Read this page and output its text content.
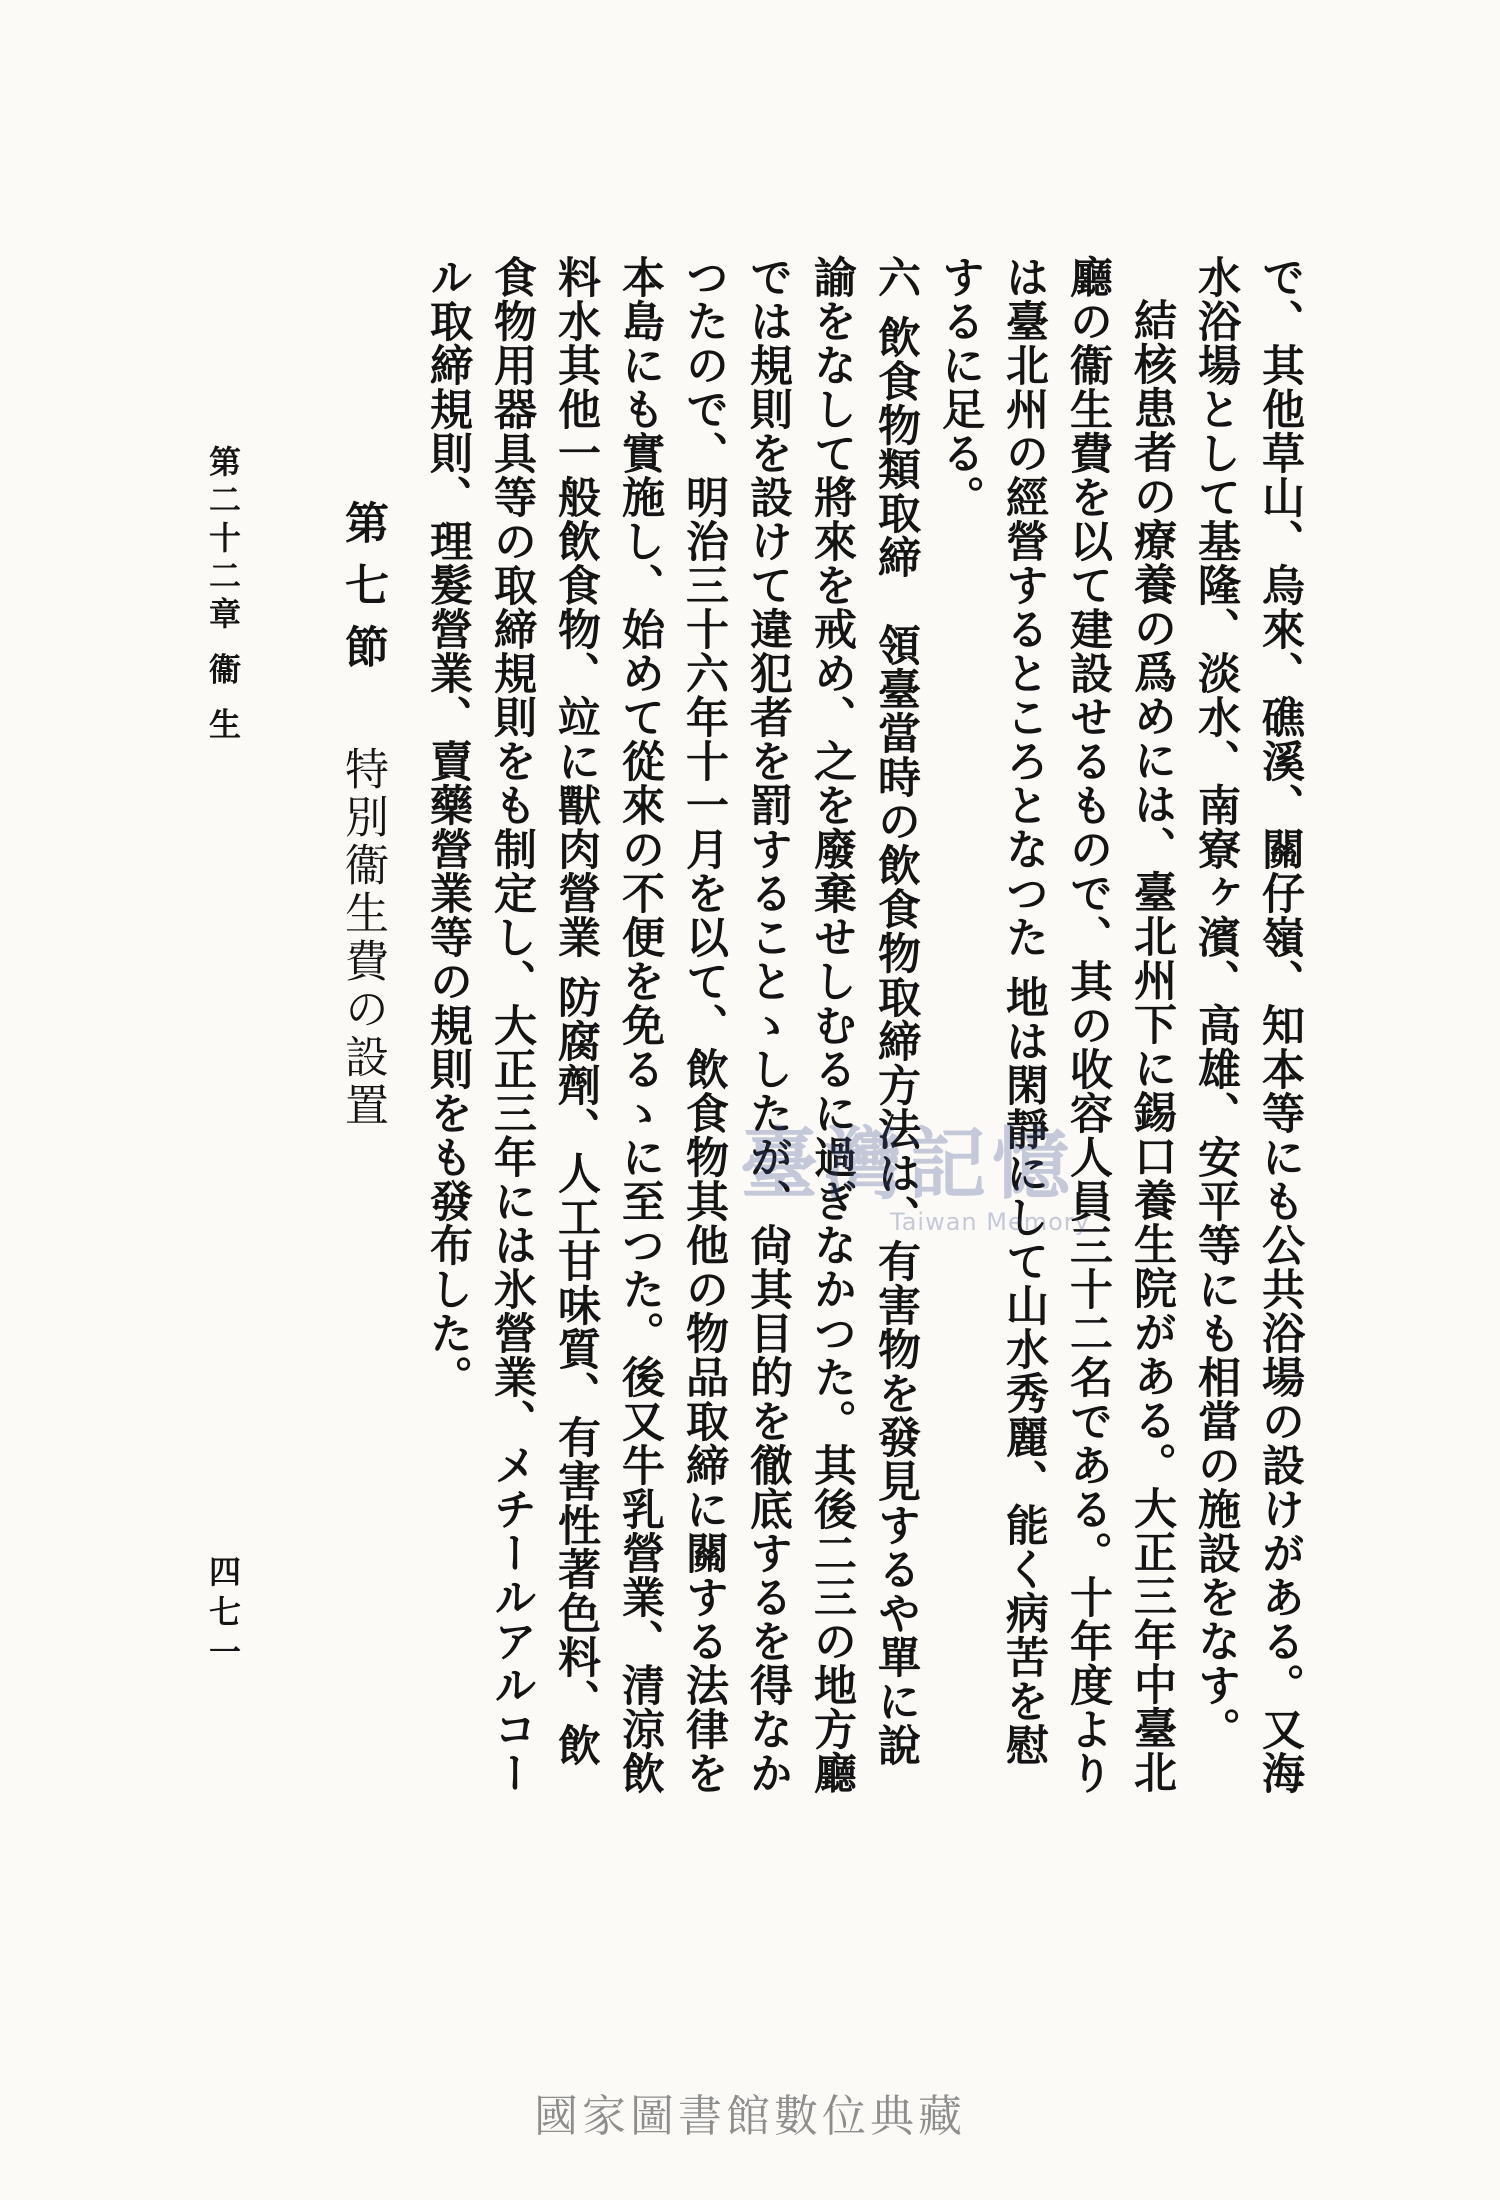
で、其他草山、烏來、礁溪、關仔嶺、知本等にも公共浴場の設けがある。又海水浴場として基隆、淡水、南寮ヶ濱、高雄、安平等にも相當の施設をなす。

結核患者の療養の爲めには、臺北州下に錫口養生院がある。大正三年中臺北廳の衞生費を以て建設せるもので、其の收容人員三十二名である。十年度よりは臺北州の經營するところとなつた 地は閑靜にして山水秀麗、能く病苦を慰するに足る。

六 飲食物類取締　領臺當時の飲食物取締方法は、有害物を發見するや單に說諭をなして將來を戒め、之を廢棄せしむるに過ぎなかつた。其後二三の地方廳では規則を設けて違犯者を罰することゝしたが、尙其目的を徹底するを得なかつたので、明治三十六年十一月を以て、飲食物其他の物品取締に關する法律を本島にも實施し、始めて從來の不便を免るゝに至つた。後又牛乳營業、清涼飲料水其他一般飲食物、竝に獸肉營業 防腐劑、人工甘味質、有害性著色料、飲食物用器具等の取締規則をも制定し、大正三年には氷營業、メチールアルコール取締規則、理髮營業、賣藥營業等の規則をも發布した。

第七節特別衞生費の設置
第二十二章 衞 生
四七一
臺灣記憶
Taiwan Memory
國家圖書館數位典藏
